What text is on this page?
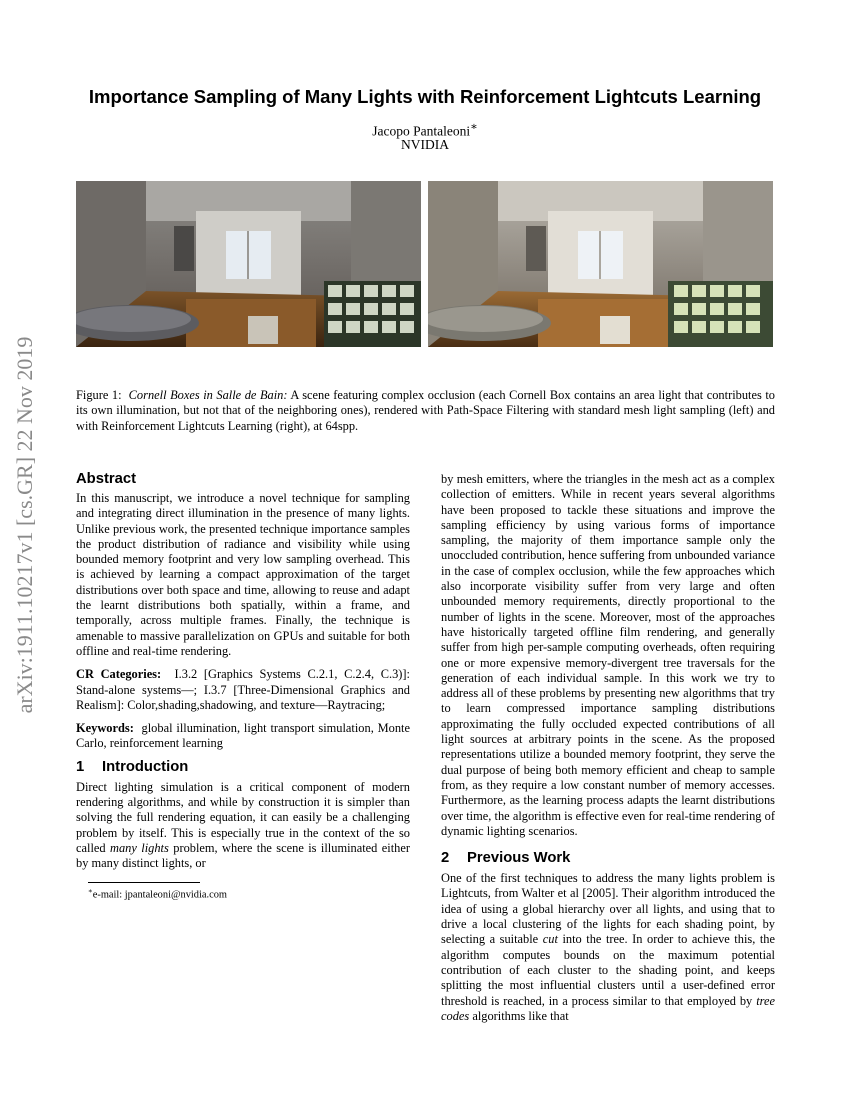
arXiv:1911.10217v1 [cs.GR] 22 Nov 2019
Importance Sampling of Many Lights with Reinforcement Lightcuts Learning
Jacopo Pantaleoni∗
NVIDIA
Figure 1: Cornell Boxes in Salle de Bain: A scene featuring complex occlusion (each Cornell Box contains an area light that contributes to its own illumination, but not that of the neighboring ones), rendered with Path-Space Filtering with standard mesh light sampling (left) and with Reinforcement Lightcuts Learning (right), at 64spp.
Abstract

In this manuscript, we introduce a novel technique for sampling and integrating direct illumination in the presence of many lights. Unlike previous work, the presented technique importance samples the product distribution of radiance and visibility while using bounded memory footprint and very low sampling overhead. This is achieved by learning a compact approximation of the target distributions over both space and time, allowing to reuse and adapt the learnt distributions both spatially, within a frame, and temporally, across multiple frames. Finally, the technique is amenable to massive parallelization on GPUs and suitable for both offline and real-time rendering.

CR Categories: I.3.2 [Graphics Systems C.2.1, C.2.4, C.3)]: Stand-alone systems—; I.3.7 [Three-Dimensional Graphics and Realism]: Color,shading,shadowing, and texture—Raytracing;

Keywords: global illumination, light transport simulation, Monte Carlo, reinforcement learning

1 Introduction

Direct lighting simulation is a critical component of modern rendering algorithms, and while by construction it is simpler than solving the full rendering equation, it can easily be a challenging problem by itself. This is especially true in the context of the so called many lights problem, where the scene is illuminated either by many distinct lights, or

∗e-mail: jpantaleoni@nvidia.com

by mesh emitters, where the triangles in the mesh act as a complex collection of emitters. While in recent years several algorithms have been proposed to tackle these situations and improve the sampling efficiency by using various forms of importance sampling, the majority of them importance sample only the unoccluded contribution, hence suffering from unbounded variance in the case of complex occlusion, while the few approaches which also incorporate visibility suffer from very large and often unbounded memory requirements, directly proportional to the number of lights in the scene. Moreover, most of the approaches have historically targeted offline film rendering, and generally suffer from high per-sample computing overheads, often requiring one or more expensive memory-divergent tree traversals for the generation of each individual sample. In this work we try to address all of these problems by presenting new algorithms that try to learn compressed importance sampling distributions approximating the fully occluded expected contributions of all light sources at arbitrary points in the scene. As the proposed representations utilize a bounded memory footprint, they serve the dual purpose of being both memory efficient and cheap to sample from, as they require a low constant number of memory accesses. Furthermore, as the learning process adapts the learnt distributions over time, the algorithm is effective even for real-time rendering of dynamic lighting scenarios.

2 Previous Work

One of the first techniques to address the many lights problem is Lightcuts, from Walter et al [2005]. Their algorithm introduced the idea of using a global hierarchy over all lights, and using that to drive a local clustering of the lights for each shading point, by selecting a suitable cut into the tree. In order to achieve this, the algorithm computes bounds on the maximum potential contribution of each cluster to the shading point, and keeps splitting the most influential clusters until a user-defined error threshold is reached, in a process similar to that employed by tree codes algorithms like that
